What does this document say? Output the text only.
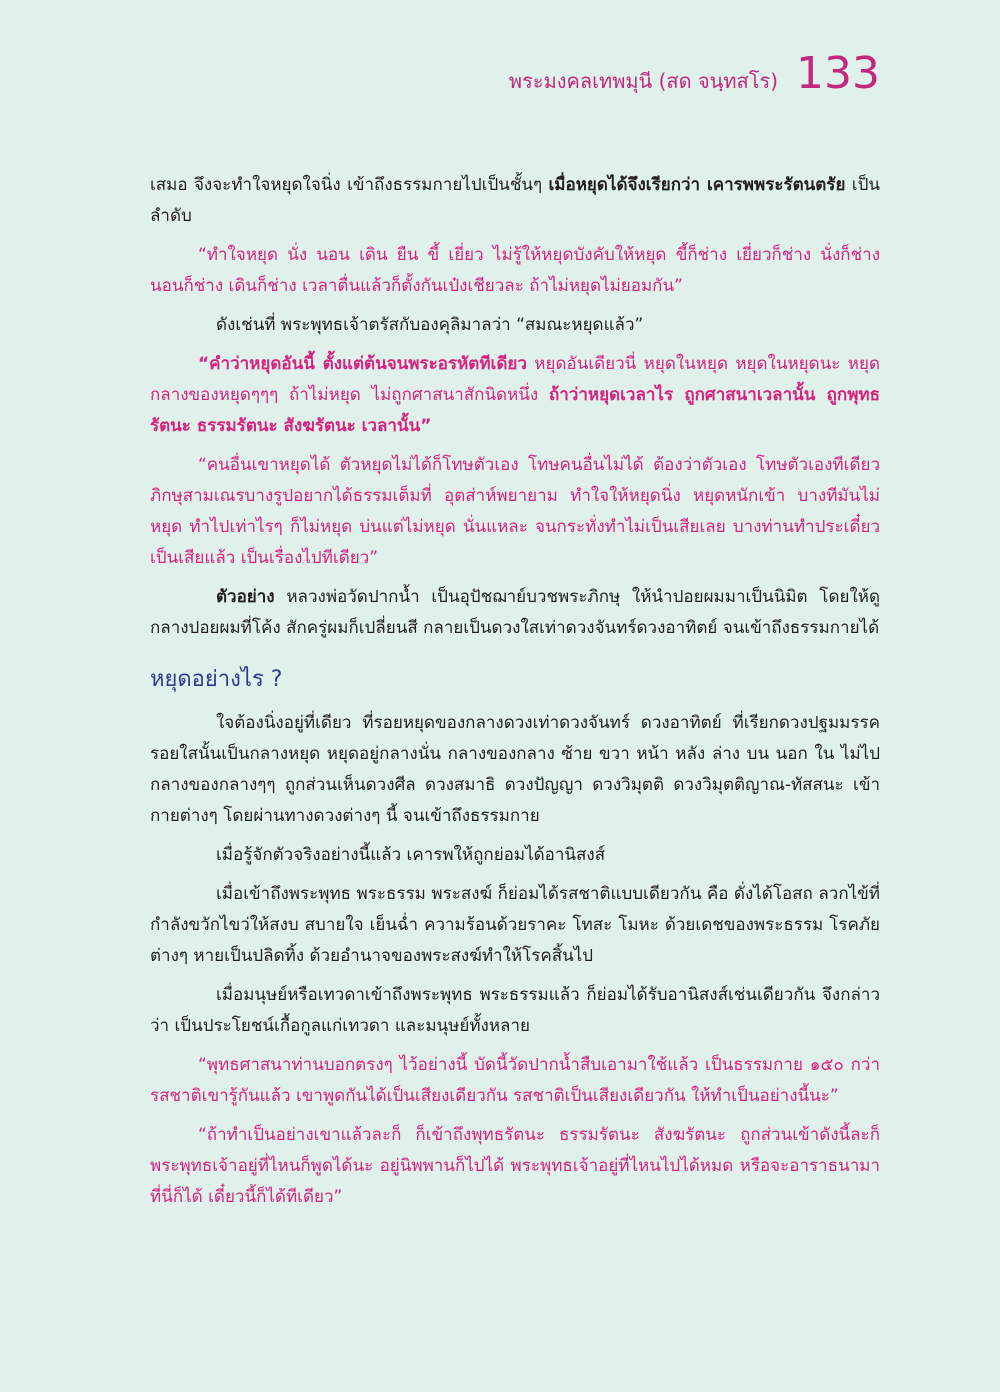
พระมงคลเทพมุนี (สด จนฺทสโร) 133

เสมอ จึงจะทำใจหยุดใจนิ่ง เข้าถึงธรรมกายไปเป็นชั้นๆ เมื่อหยุดได้จึงเรียกว่า เคารพพระรัตนตรัย เป็นลำดับ

“ทำใจหยุด นั่ง นอน เดิน ยืน ขี้ เยี่ยว ไม่รู้ให้หยุดบังคับให้หยุด ขี้ก็ช่าง เยี่ยวก็ช่าง นั่งก็ช่าง นอนก็ช่าง เดินก็ช่าง เวลาตื่นแล้วก็ตั้งกันเป๋งเชียวละ ถ้าไม่หยุดไม่ยอมกัน”

ดังเช่นที่ พระพุทธเจ้าตรัสกับองคุลิมาลว่า “สมณะหยุดแล้ว”

“คำว่าหยุดอันนี้ ตั้งแต่ต้นจนพระอรหัตทีเดียว หยุดอันเดียวนี่ หยุดในหยุด หยุดในหยุดนะ หยุดกลางของหยุดๆๆๆ ถ้าไม่หยุด ไม่ถูกศาสนาสักนิดหนึ่ง ถ้าว่าหยุดเวลาไร ถูกศาสนาเวลานั้น ถูกพุทธรัตนะ ธรรมรัตนะ สังฆรัตนะ เวลานั้น”

“คนอื่นเขาหยุดได้ ตัวหยุดไม่ได้ก็โทษตัวเอง โทษคนอื่นไม่ได้ ต้องว่าตัวเอง โทษตัวเองทีเดียว ภิกษุสามเณรบางรูปอยากได้ธรรมเต็มที่ อุตส่าห์พยายาม ทำใจให้หยุดนิ่ง หยุดหนักเข้า บางทีมันไม่หยุด ทำไปเท่าไรๆ ก็ไม่หยุด บ่นแต่ไม่หยุด นั่นแหละ จนกระทั่งทำไม่เป็นเสียเลย บางท่านทำประเดี๋ยวเป็นเสียแล้ว เป็นเรื่องไปทีเดียว”

ตัวอย่าง หลวงพ่อวัดปากน้ำ เป็นอุปัชฌาย์บวชพระภิกษุ ให้นำปอยผมมาเป็นนิมิต โดยให้ดูกลางปอยผมที่โค้ง สักครู่ผมก็เปลี่ยนสี กลายเป็นดวงใสเท่าดวงจันทร์ดวงอาทิตย์ จนเข้าถึงธรรมกายได้

หยุดอย่างไร ?

ใจต้องนิ่งอยู่ที่เดียว ที่รอยหยุดของกลางดวงเท่าดวงจันทร์ ดวงอาทิตย์ ที่เรียกดวงปฐมมรรค รอยใสนั้นเป็นกลางหยุด หยุดอยู่กลางนั่น กลางของกลาง ซ้าย ขวา หน้า หลัง ล่าง บน นอก ใน ไม่ไป กลางของกลางๆๆ ถูกส่วนเห็นดวงศีล ดวงสมาธิ ดวงปัญญา ดวงวิมุตติ ดวงวิมุตติญาณ-ทัสสนะ เข้ากายต่างๆ โดยผ่านทางดวงต่างๆ นี้ จนเข้าถึงธรรมกาย

เมื่อรู้จักตัวจริงอย่างนี้แล้ว เคารพให้ถูกย่อมได้อานิสงส์

เมื่อเข้าถึงพระพุทธ พระธรรม พระสงฆ์ ก็ย่อมได้รสชาติแบบเดียวกัน คือ ดั่งได้โอสถ ลวกไข้ที่ กำลังขวักไขว่ให้สงบ สบายใจ เย็นฉ่ำ ความร้อนด้วยราคะ โทสะ โมหะ ด้วยเดชของพระธรรม โรคภัย ต่างๆ หายเป็นปลิดทิ้ง ด้วยอำนาจของพระสงฆ์ทำให้โรคสิ้นไป

เมื่อมนุษย์หรือเทวดาเข้าถึงพระพุทธ พระธรรมแล้ว ก็ย่อมได้รับอานิสงส์เช่นเดียวกัน จึงกล่าวว่า เป็นประโยชน์เกื้อกูลแก่เทวดา และมนุษย์ทั้งหลาย

“พุทธศาสนาท่านบอกตรงๆ ไว้อย่างนี้ บัดนี้วัดปากน้ำสืบเอามาใช้แล้ว เป็นธรรมกาย ๑๕๐ กว่า รสชาติเขารู้กันแล้ว เขาพูดกันได้เป็นเสียงเดียวกัน รสชาติเป็นเสียงเดียวกัน ให้ทำเป็นอย่างนี้นะ”

“ถ้าทำเป็นอย่างเขาแล้วละก็ ก็เข้าถึงพุทธรัตนะ ธรรมรัตนะ สังฆรัตนะ ถูกส่วนเข้าดังนี้ละก็ พระพุทธเจ้าอยู่ที่ไหนก็พูดได้นะ อยู่นิพพานก็ไปได้ พระพุทธเจ้าอยู่ที่ไหนไปได้หมด หรือจะอาราธนามาที่นี่ก็ได้ เดี๋ยวนี้ก็ได้ทีเดียว”
